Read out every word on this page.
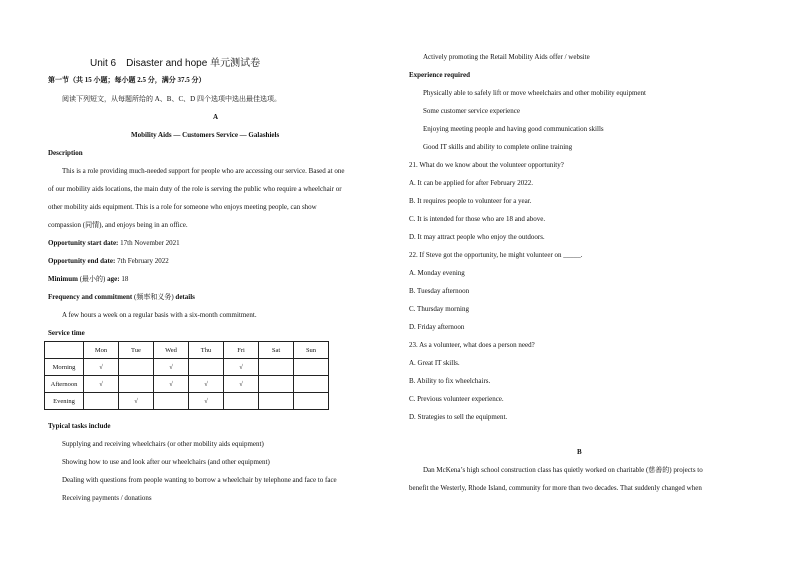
Unit 6　Disaster and hope 单元测试卷
第一节（共 15 小题；每小题 2.5 分，满分 37.5 分）
阅读下列短文，从每题所给的 A、B、C、D 四个选项中选出最佳选项。
A
Mobility Aids — Customers Service — Galashiels
Description
This is a role providing much-needed support for people who are accessing our service. Based at one
of our mobility aids locations, the main duty of the role is serving the public who require a wheelchair or
other mobility aids equipment. This is a role for someone who enjoys meeting people, can show
compassion (同情), and enjoys being in an office.
Opportunity start date: 17th November 2021
Opportunity end date: 7th February 2022
Minimum (最小的) age: 18
Frequency and commitment (频率和义务) details
A few hours a week on a regular basis with a six-month commitment.
Service time
	Mon	Tue	Wed	Thu	Fri	Sat	Sun
Morning	√		√		√		
Afternoon	√		√	√	√		
Evening		√		√			
Typical tasks include
Supplying and receiving wheelchairs (or other mobility aids equipment)
Showing how to use and look after our wheelchairs (and other equipment)
Dealing with questions from people wanting to borrow a wheelchair by telephone and face to face
Receiving payments / donations
Actively promoting the Retail Mobility Aids offer / website
Experience required
Physically able to safely lift or move wheelchairs and other mobility equipment
Some customer service experience
Enjoying meeting people and having good communication skills
Good IT skills and ability to complete online training
21. What do we know about the volunteer opportunity?
A. It can be applied for after February 2022.
B. It requires people to volunteer for a year.
C. It is intended for those who are 18 and above.
D. It may attract people who enjoy the outdoors.
22. If Steve got the opportunity, he might volunteer on _____.
A. Monday evening
B. Tuesday afternoon
C. Thursday morning
D. Friday afternoon
23. As a volunteer, what does a person need?
A. Great IT skills.
B. Ability to fix wheelchairs.
C. Previous volunteer experience.
D. Strategies to sell the equipment.
B
Dan McKena’s high school construction class has quietly worked on charitable (慈善的) projects to
benefit the Westerly, Rhode Island, community for more than two decades. That suddenly changed when
